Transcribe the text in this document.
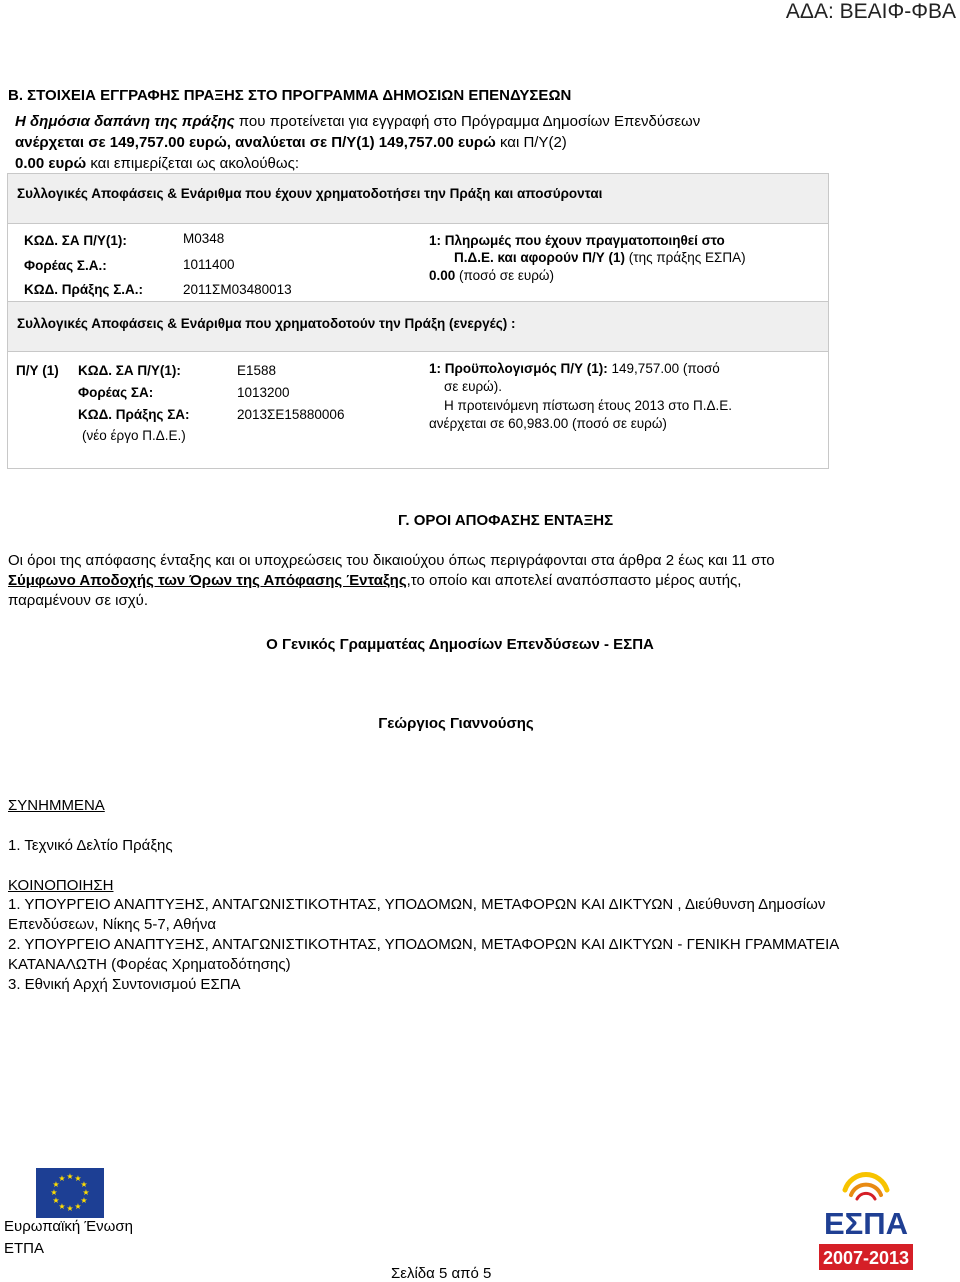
ΑΔΑ: ΒΕΑΙΦ-ΦΒΑ
Β. ΣΤΟΙΧΕΙΑ ΕΓΓΡΑΦΗΣ ΠΡΑΞΗΣ ΣΤΟ ΠΡΟΓΡΑΜΜΑ ΔΗΜΟΣΙΩΝ ΕΠΕΝΔΥΣΕΩΝ
Η δημόσια δαπάνη της πράξης που προτείνεται για εγγραφή στο Πρόγραμμα Δημοσίων Επενδύσεων
ανέρχεται σε 149,757.00 ευρώ, αναλύεται σε Π/Υ(1) 149,757.00 ευρώ και Π/Υ(2)
0.00 ευρώ και επιμερίζεται ως ακολούθως:
Συλλογικές Αποφάσεις & Ενάριθμα που έχουν χρηματοδοτήσει την Πράξη και αποσύρονται
ΚΩΔ. ΣΑ Π/Υ(1):
Φορέας Σ.Α.:
ΚΩΔ. Πράξης Σ.Α.:
Μ0348
1011400
2011ΣΜ03480013
1: Πληρωμές που έχουν πραγματοποιηθεί στο
Π.Δ.Ε. και αφορούν Π/Υ (1) (της πράξης ΕΣΠΑ)
0.00 (ποσό σε ευρώ)
Συλλογικές Αποφάσεις & Ενάριθμα που χρηματοδοτούν την Πράξη (ενεργές) :
Π/Υ (1) ΚΩΔ. ΣΑ Π/Υ(1):
Φορέας ΣΑ:
ΚΩΔ. Πράξης ΣΑ:
(νέο έργο Π.Δ.Ε.)
Ε1588
1013200
2013ΣΕ15880006
1: Προϋπολογισμός Π/Υ (1): 149,757.00 (ποσό
σε ευρώ).
Η προτεινόμενη πίστωση έτους 2013 στο Π.Δ.Ε.
ανέρχεται σε 60,983.00 (ποσό σε ευρώ)
Γ. ΟΡΟΙ ΑΠΟΦΑΣΗΣ ΕΝΤΑΞΗΣ
Οι όροι της απόφασης ένταξης και οι υποχρεώσεις του δικαιούχου όπως περιγράφονται στα άρθρα 2 έως και 11 στο
Σύμφωνο Αποδοχής των Όρων της Απόφασης Ένταξης,το οποίο και αποτελεί αναπόσπαστο μέρος αυτής,
παραμένουν σε ισχύ.
Ο Γενικός Γραμματέας Δημοσίων Επενδύσεων - ΕΣΠΑ
Γεώργιος Γιαννούσης
ΣΥΝΗΜΜΕΝΑ
1. Τεχνικό Δελτίο Πράξης
ΚΟΙΝΟΠΟΙΗΣΗ
1. ΥΠΟΥΡΓΕΙΟ ΑΝΑΠΤΥΞΗΣ, ΑΝΤΑΓΩΝΙΣΤΙΚΟΤΗΤΑΣ, ΥΠΟΔΟΜΩΝ, ΜΕΤΑΦΟΡΩΝ ΚΑΙ ΔΙΚΤΥΩΝ , Διεύθυνση Δημοσίων
Επενδύσεων, Νίκης 5-7, Αθήνα
2. ΥΠΟΥΡΓΕΙΟ ΑΝΑΠΤΥΞΗΣ, ΑΝΤΑΓΩΝΙΣΤΙΚΟΤΗΤΑΣ, ΥΠΟΔΟΜΩΝ, ΜΕΤΑΦΟΡΩΝ ΚΑΙ ΔΙΚΤΥΩΝ - ΓΕΝΙΚΗ ΓΡΑΜΜΑΤΕΙΑ
ΚΑΤΑΝΑΛΩΤΗ (Φορέας Χρηματοδότησης)
3. Εθνική Αρχή Συντονισμού ΕΣΠΑ
★ ★
★
★
★
★
★
★
★
★
★
★
Ευρωπαϊκή Ένωση
ΕΤΠΑ
Σελίδα 5 από 5
ΕΣΠΑ
2007-2013
